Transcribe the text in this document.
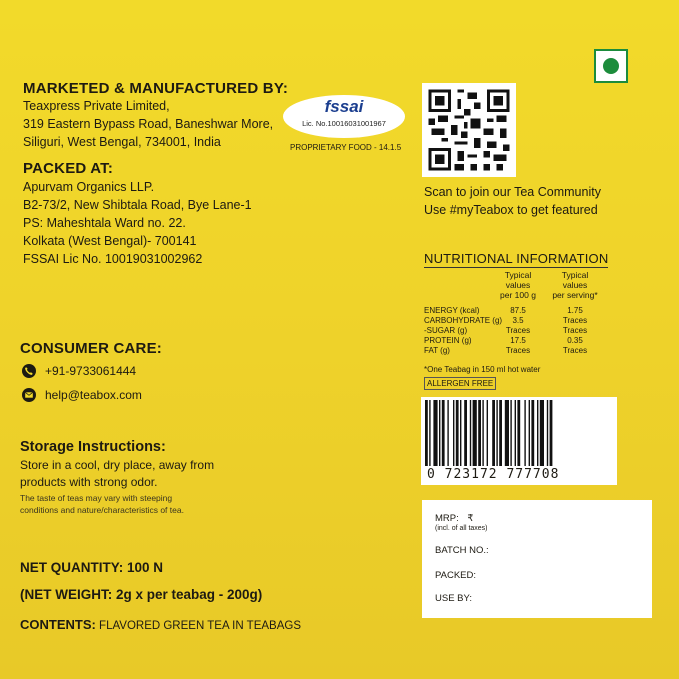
MARKETED & MANUFACTURED BY:
Teaxpress Private Limited,
319 Eastern Bypass Road, Baneshwar More,
Siliguri, West Bengal, 734001, India
PACKED AT:
Apurvam Organics LLP.
B2-73/2, New Shibtala Road, Bye Lane-1
PS: Maheshtala Ward no. 22.
Kolkata (West Bengal)- 700141
FSSAI Lic No. 10019031002962
fssai
Lic. No.10016031001967
PROPRIETARY FOOD - 14.1.5
Scan to join our Tea Community
Use #myTeabox to get featured
NUTRITIONAL INFORMATION
Typical
values
per 100 g
Typical
values
per serving*
ENERGY (kcal)	87.5	1.75
CARBOHYDRATE (g)	3.5	Traces
-SUGAR (g)	Traces	Traces
PROTEIN (g)	17.5	0.35
FAT (g)	Traces	Traces
*One Teabag in 150 ml hot water
ALLERGEN FREE
CONSUMER CARE:
+91-9733061444
help@teabox.com
Storage Instructions:
Store in a cool, dry place, away from
products with strong odor.
The taste of teas may vary with steeping
conditions and nature/characteristics of tea.
0 723172 777708
MRP: ₹
(incl. of all taxes)
BATCH NO.:
PACKED:
USE BY:
NET QUANTITY: 100 N
(NET WEIGHT: 2g x per teabag - 200g)
CONTENTS: FLAVORED GREEN TEA IN TEABAGS
